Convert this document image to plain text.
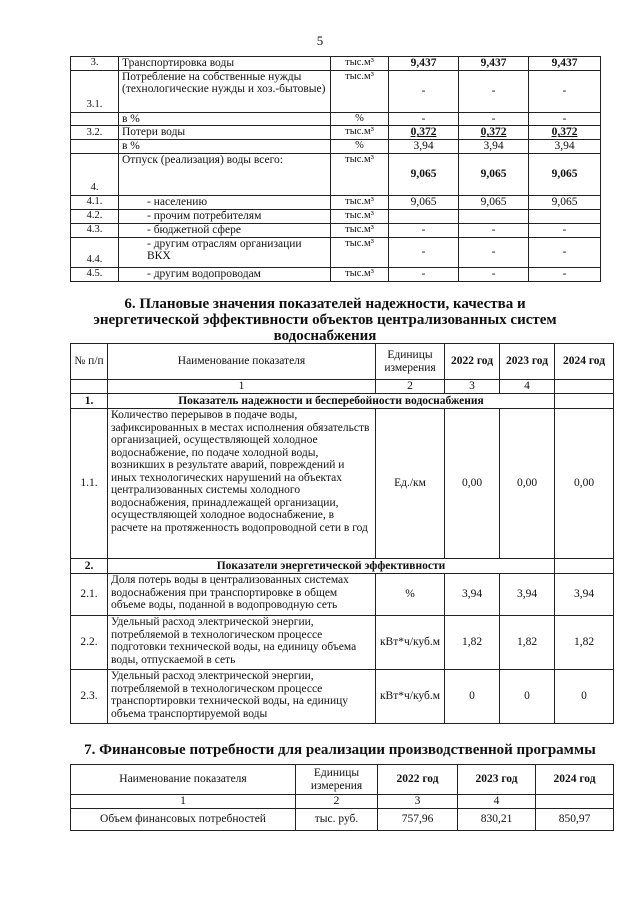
5
3.	Транспортировка воды	тыс.м³	9,437	9,437	9,437
3.1.	Потребление на собственные нужды (технологические нужды и хоз.-бытовые)	тыс.м³	-	-	-
	в %	%	-	-	-
3.2.	Потери воды	тыс.м³	0,372	0,372	0,372
	в %	%	3,94	3,94	3,94
4.	Отпуск (реализация) воды всего:	тыс.м³	9,065	9,065	9,065
4.1.	- населению	тыс.м³	9,065	9,065	9,065
4.2.	- прочим потребителям	тыс.м³			
4.3.	- бюджетной сфере	тыс.м³	-	-	-
4.4.	- другим отраслям организации ВКХ	тыс.м³	-	-	-
4.5.	- другим водопроводам	тыс.м³	-	-	-
6. Плановые значения показателей надежности, качества и энергетической эффективности объектов централизованных систем водоснабжения
№ п/п	Наименование показателя	Единицы измерения	2022 год	2023 год	2024 год
	1	2	3	4	
1.	Показатель надежности и бесперебойности водоснабжения				
1.1.	Количество перерывов в подаче воды, зафиксированных в местах исполнения обязательств организацией, осуществляющей холодное водоснабжение, по подаче холодной воды, возникших в результате аварий, повреждений и иных технологических нарушений на объектах централизованных системы холодного водоснабжения, принадлежащей организации, осуществляющей холодное водоснабжение, в расчете на протяженность водопроводной сети в год	Ед./км	0,00	0,00	0,00
2.	Показатели энергетической эффективности				
2.1.	Доля потерь воды в централизованных системах водоснабжения при транспортировке в общем объеме воды, поданной в водопроводную сеть	%	3,94	3,94	3,94
2.2.	Удельный расход электрической энергии, потребляемой в технологическом процессе подготовки технической воды, на единицу объема воды, отпускаемой в сеть	кВт*ч/куб.м	1,82	1,82	1,82
2.3.	Удельный расход электрической энергии, потребляемой в технологическом процессе транспортировки технической воды, на единицу объема транспортируемой воды	кВт*ч/куб.м	0	0	0
7. Финансовые потребности для реализации производственной программы
Наименование показателя	Единицы измерения	2022 год	2023 год	2024 год
1	2	3	4	
Объем финансовых потребностей	тыс. руб.	757,96	830,21	850,97
